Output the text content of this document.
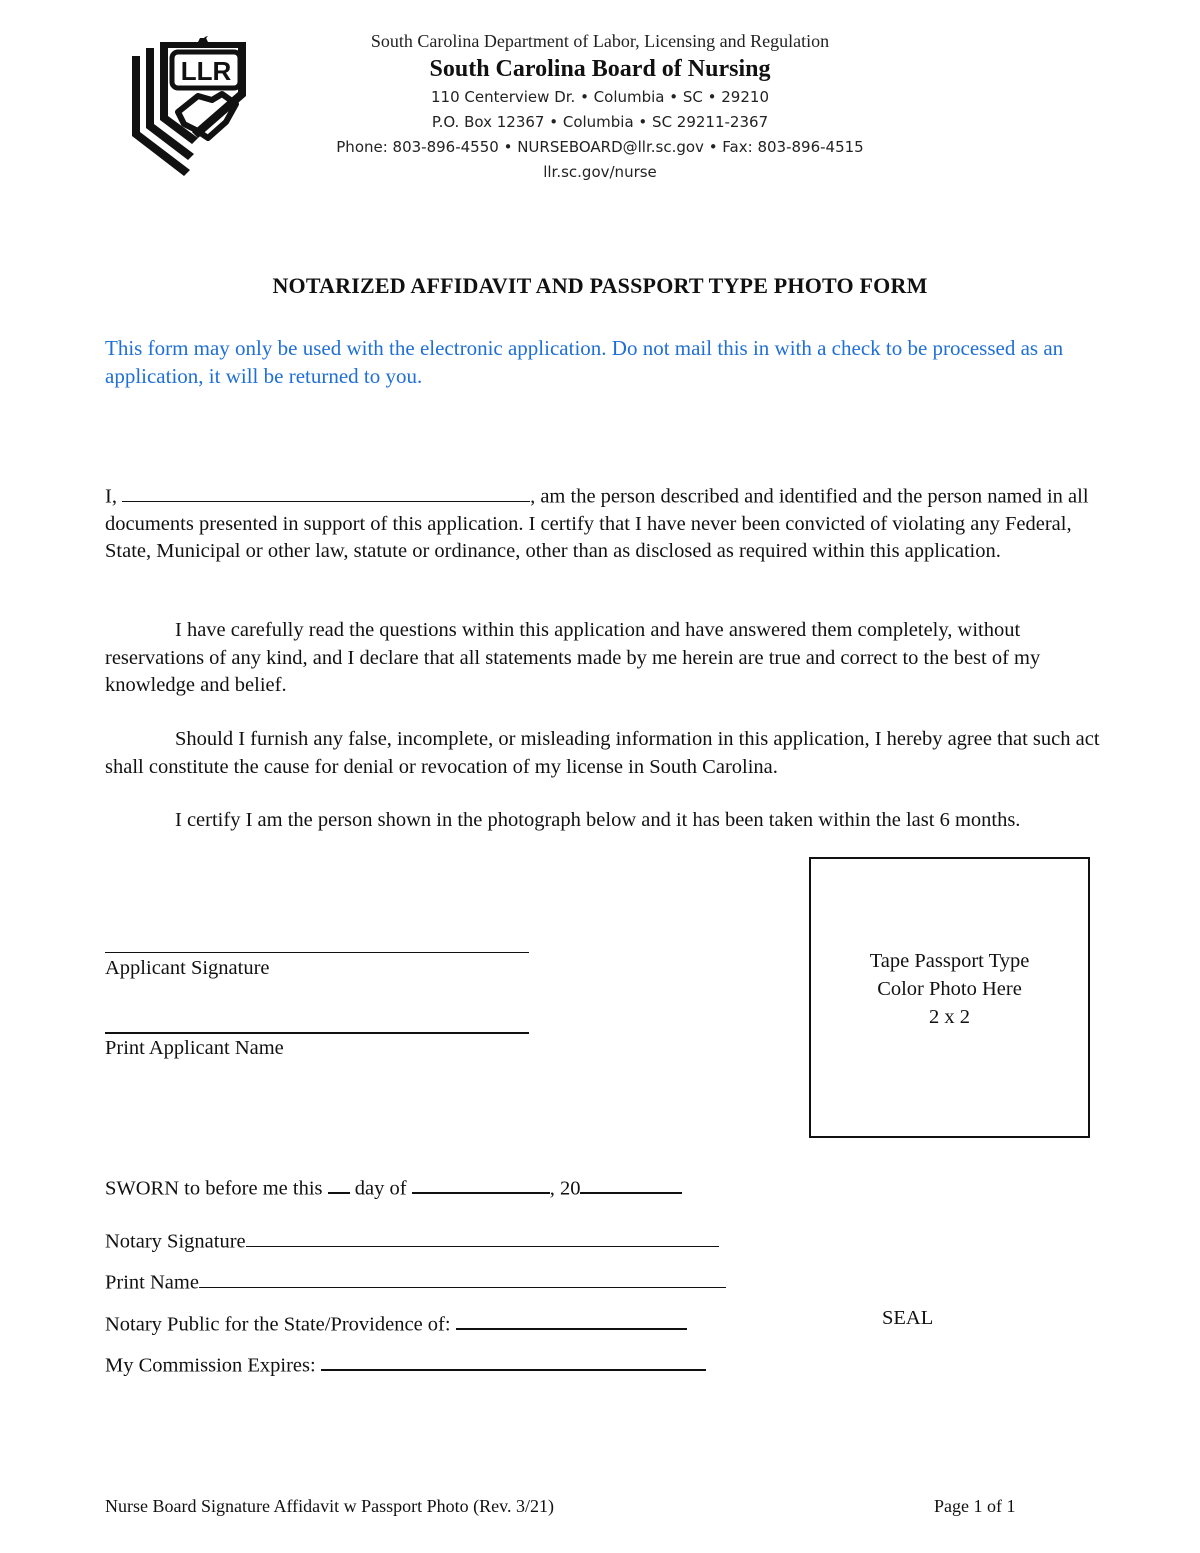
LLR
South Carolina Department of Labor, Licensing and Regulation
South Carolina Board of Nursing
110 Centerview Dr. • Columbia • SC • 29210
P.O. Box 12367 • Columbia • SC 29211-2367
Phone: 803-896-4550 • NURSEBOARD@llr.sc.gov • Fax: 803-896-4515
llr.sc.gov/nurse
NOTARIZED AFFIDAVIT AND PASSPORT TYPE PHOTO FORM
This form may only be used with the electronic application. Do not mail this in with a check to be processed as an application, it will be returned to you.
I,	, am the person described and identified and the person named in all documents presented in support of this application. I certify that I have never been convicted of violating any Federal, State, Municipal or other law, statute or ordinance, other than as disclosed as required within this application.
I have carefully read the questions within this application and have answered them completely, without reservations of any kind, and I declare that all statements made by me herein are true and correct to the best of my knowledge and belief.
Should I furnish any false, incomplete, or misleading information in this application, I hereby agree that such act shall constitute the cause for denial or revocation of my license in South Carolina.
I certify I am the person shown in the photograph below and it has been taken within the last 6 months.
Tape Passport Type
Color Photo Here
2 x 2
Applicant Signature
Print Applicant Name
SWORN to before me this day of	, 20
Notary Signature
Print Name
Notary Public for the State/Providence of:
My Commission Expires:
SEAL
Nurse Board Signature Affidavit w Passport Photo (Rev. 3/21)	Page 1 of 1
